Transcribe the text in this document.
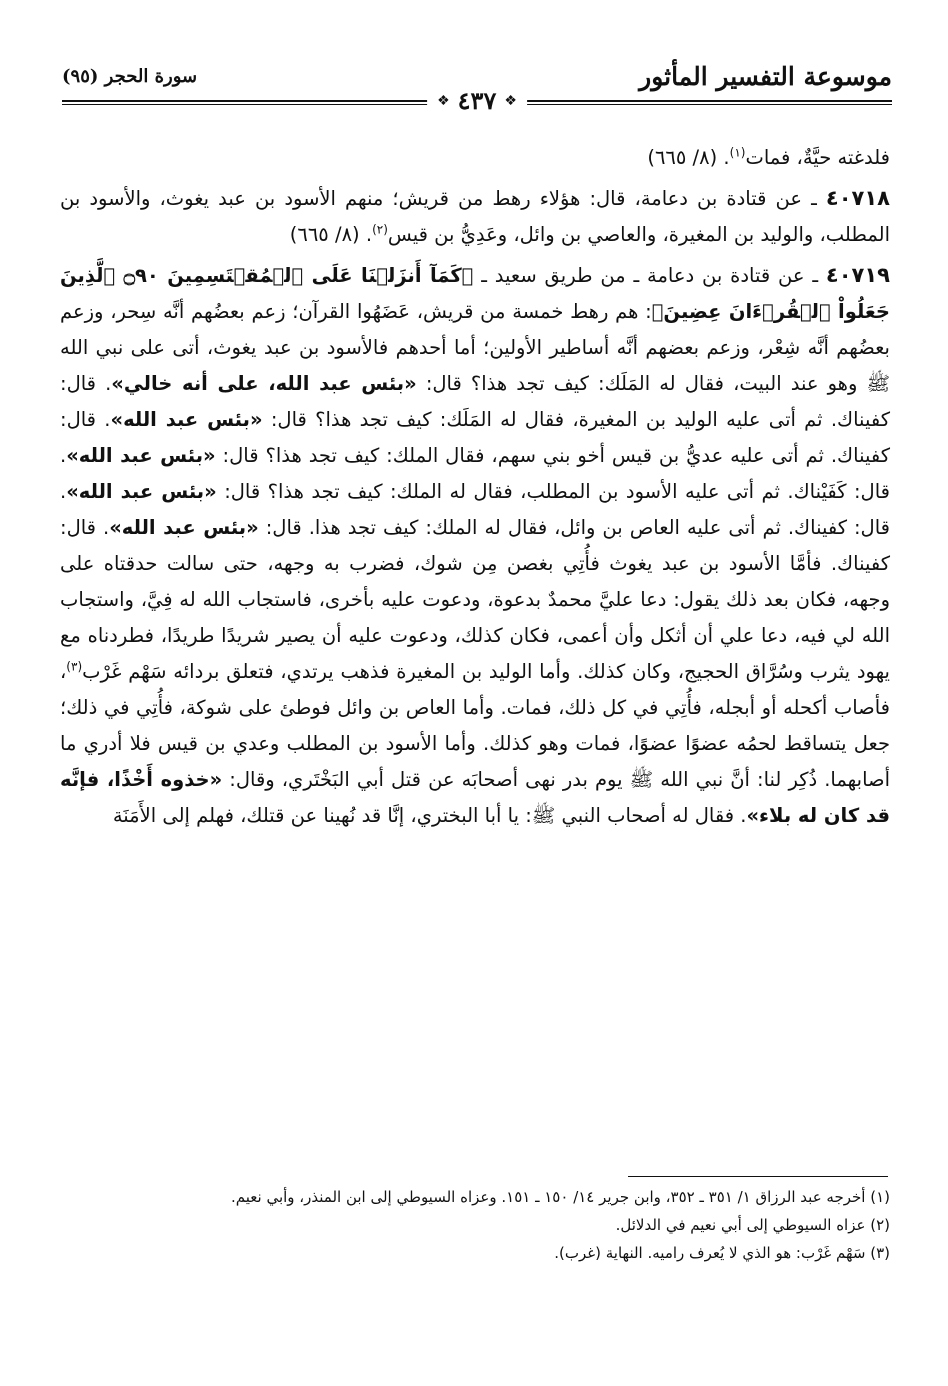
موسوعة التفسير المأثور
سورة الحجر (٩٥)
❖ ٤٣٧ ❖

فلدغته حيَّةٌ، فمات$^{(١)}$. (٨/ ٦٦٥)

٤٠٧١٨ ـ عن قتادة بن دعامة، قال: هؤلاء رهط من قريش؛ منهم الأسود بن عبد يغوث، والأسود بن المطلب، والوليد بن المغيرة، والعاصي بن وائل، وعَدِيُّ بن قيس$^{(٢)}$. (٨/ ٦٦٥)

٤٠٧١٩ ـ عن قتادة بن دعامة ـ من طريق سعيد ـ ﴿كَمَآ أَنزَلۡنَا عَلَى ٱلۡمُقۡتَسِمِينَ ۝٩٠ ٱلَّذِينَ جَعَلُواْ ٱلۡقُرۡءَانَ عِضِينَ﴾: هم رهط خمسة من قريش، عَضَهُوا القرآن؛ زعم بعضُهم أنَّه سِحر، وزعم بعضُهم أنَّه شِعْر، وزعم بعضهم أنَّه أساطير الأولين؛ أما أحدهم فالأسود بن عبد يغوث، أتى على نبي الله ﷺ وهو عند البيت، فقال له المَلَك: كيف تجد هذا؟ قال: «بئس عبد الله، على أنه خالي». قال: كفيناك. ثم أتى عليه الوليد بن المغيرة، فقال له المَلَك: كيف تجد هذا؟ قال: «بئس عبد الله». قال: كفيناك. ثم أتى عليه عديُّ بن قيس أخو بني سهم، فقال الملك: كيف تجد هذا؟ قال: «بئس عبد الله». قال: كَفَيْناك. ثم أتى عليه الأسود بن المطلب، فقال له الملك: كيف تجد هذا؟ قال: «بئس عبد الله». قال: كفيناك. ثم أتى عليه العاص بن وائل، فقال له الملك: كيف تجد هذا. قال: «بئس عبد الله». قال: كفيناك. فأمَّا الأسود بن عبد يغوث فأُتِي بغصن مِن شوك، فضرب به وجهه، حتى سالت حدقتاه على وجهه، فكان بعد ذلك يقول: دعا عليَّ محمدٌ بدعوة، ودعوت عليه بأخرى، فاستجاب الله له فِيَّ، واستجاب الله لي فيه، دعا علي أن أثكل وأن أعمى، فكان كذلك، ودعوت عليه أن يصير شريدًا طريدًا، فطردناه مع يهود يثرب وسُرَّاق الحجيج، وكان كذلك. وأما الوليد بن المغيرة فذهب يرتدي، فتعلق بردائه سَهْم غَرْب$^{(٣)}$، فأصاب أكحله أو أبجله، فأُتِي في كل ذلك، فمات. وأما العاص بن وائل فوطئ على شوكة، فأُتِي في ذلك؛ جعل يتساقط لحمُه عضوًا عضوًا، فمات وهو كذلك. وأما الأسود بن المطلب وعدي بن قيس فلا أدري ما أصابهما. ذُكِر لنا: أنَّ نبي الله ﷺ يوم بدر نهى أصحابَه عن قتل أبي البَخْتَري، وقال: «خذوه أَخْذًا، فإنَّه قد كان له بلاء». فقال له أصحاب النبي ﷺ: يا أبا البختري، إنَّا قد نُهينا عن قتلك، فهلم إلى الأَمَنَة

(١) أخرجه عبد الرزاق ١/ ٣٥١ ـ ٣٥٢، وابن جرير ١٤/ ١٥٠ ـ ١٥١. وعزاه السيوطي إلى ابن المنذر، وأبي نعيم.

(٢) عزاه السيوطي إلى أبي نعيم في الدلائل.

(٣) سَهْم غَرْب: هو الذي لا يُعرف راميه. النهاية (غرب).
